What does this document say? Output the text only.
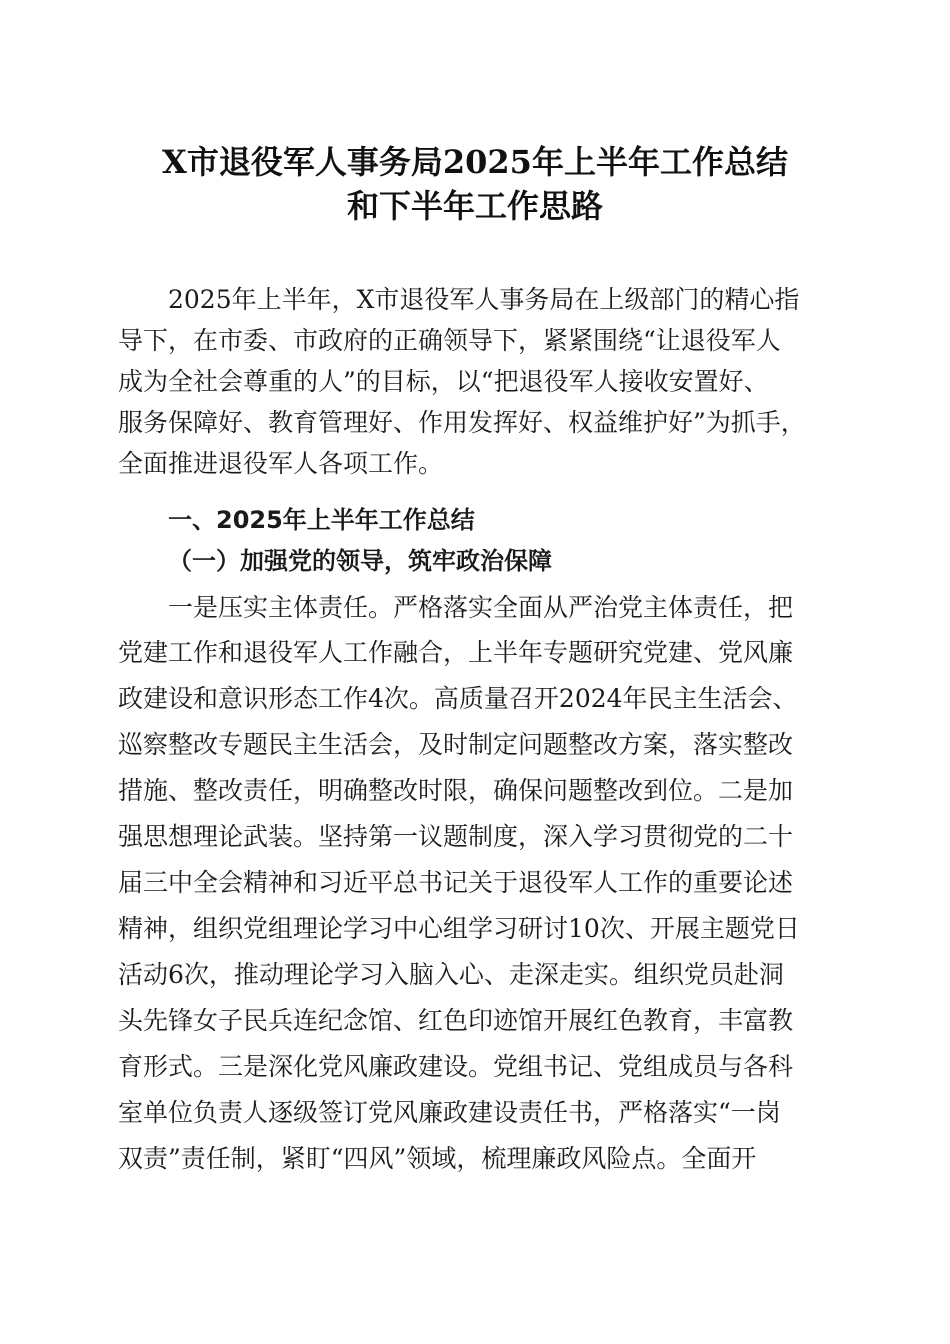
X市退役军人事务局2025年上半年工作总结
和下半年工作思路
2025年上半年，X市退役军人事务局在上级部门的精心指
导下，在市委、市政府的正确领导下，紧紧围绕“让退役军人
成为全社会尊重的人”的目标，以“把退役军人接收安置好、
服务保障好、教育管理好、作用发挥好、权益维护好”为抓手，
全面推进退役军人各项工作。
一、2025年上半年工作总结
（一）加强党的领导，筑牢政治保障
一是压实主体责任。严格落实全面从严治党主体责任，把
党建工作和退役军人工作融合，上半年专题研究党建、党风廉
政建设和意识形态工作4次。高质量召开2024年民主生活会、
巡察整改专题民主生活会，及时制定问题整改方案，落实整改
措施、整改责任，明确整改时限，确保问题整改到位。二是加
强思想理论武装。坚持第一议题制度，深入学习贯彻党的二十
届三中全会精神和习近平总书记关于退役军人工作的重要论述
精神，组织党组理论学习中心组学习研讨10次、开展主题党日
活动6次，推动理论学习入脑入心、走深走实。组织党员赴洞
头先锋女子民兵连纪念馆、红色印迹馆开展红色教育，丰富教
育形式。三是深化党风廉政建设。党组书记、党组成员与各科
室单位负责人逐级签订党风廉政建设责任书，严格落实“一岗
双责”责任制，紧盯“四风”领域，梳理廉政风险点。全面开
